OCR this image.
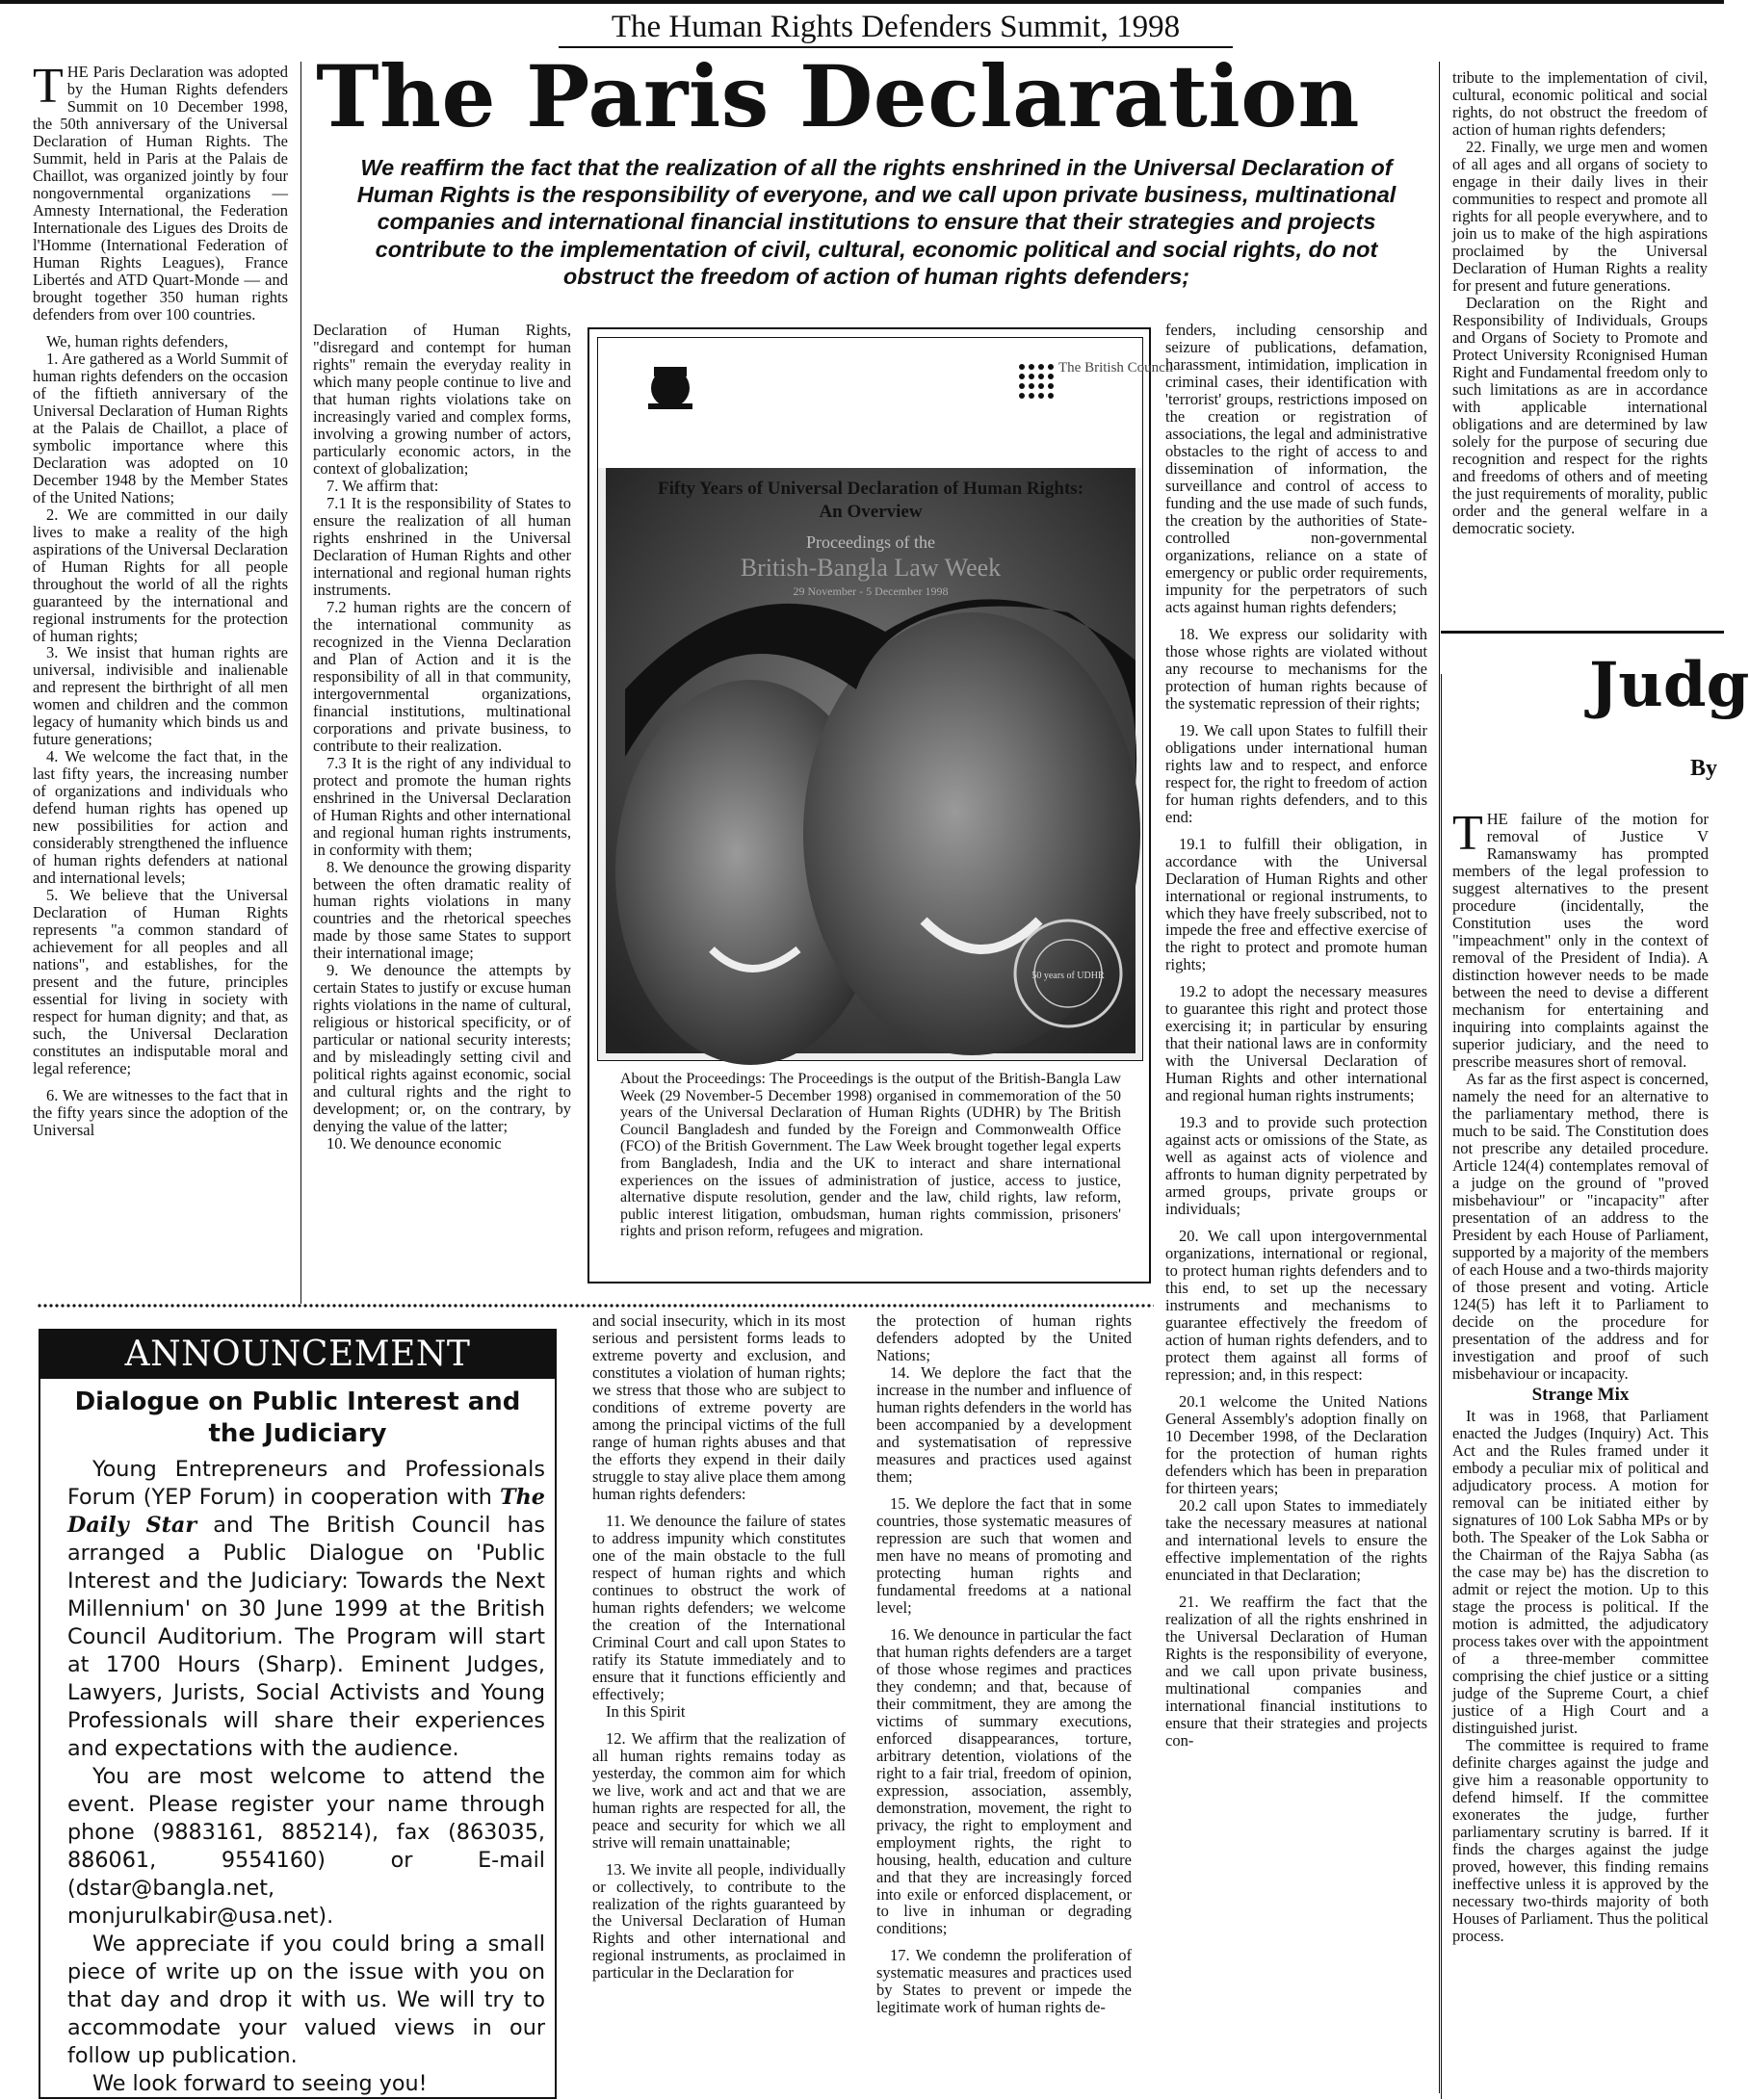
The Human Rights Defenders Summit, 1998
The Paris Declaration
We reaffirm the fact that the realization of all the rights enshrined in the Universal Declaration of Human Rights is the responsibility of everyone, and we call upon private business, multinational companies and international financial institutions to ensure that their strategies and projects contribute to the implementation of civil, cultural, economic political and social rights, do not obstruct the freedom of action of human rights defenders;

THE Paris Declaration was adopted by the Human Rights defenders Summit on 10 December 1998, the 50th anniversary of the Universal Declaration of Human Rights. The Summit, held in Paris at the Palais de Chaillot, was organized jointly by four nongovernmental organizations — Amnesty International, the Federation Internationale des Ligues des Droits de l'Homme (International Federation of Human Rights Leagues), France Libertés and ATD Quart-Monde — and brought together 350 human rights defenders from over 100 countries.

We, human rights defenders,

1. Are gathered as a World Summit of human rights defenders on the occasion of the fiftieth anniversary of the Universal Declaration of Human Rights at the Palais de Chaillot, a place of symbolic importance where this Declaration was adopted on 10 December 1948 by the Member States of the United Nations;

2. We are committed in our daily lives to make a reality of the high aspirations of the Universal Declaration of Human Rights for all people throughout the world of all the rights guaranteed by the international and regional instruments for the protection of human rights;

3. We insist that human rights are universal, indivisible and inalienable and represent the birthright of all men women and children and the common legacy of humanity which binds us and future generations;

4. We welcome the fact that, in the last fifty years, the increasing number of organizations and individuals who defend human rights has opened up new possibilities for action and considerably strengthened the influence of human rights defenders at national and international levels;

5. We believe that the Universal Declaration of Human Rights represents "a common standard of achievement for all peoples and all nations", and establishes, for the present and the future, principles essential for living in society with respect for human dignity; and that, as such, the Universal Declaration constitutes an indisputable moral and legal reference;

6. We are witnesses to the fact that in the fifty years since the adoption of the Universal

Declaration of Human Rights, "disregard and contempt for human rights" remain the everyday reality in which many people continue to live and that human rights violations take on increasingly varied and complex forms, involving a growing number of actors, particularly economic actors, in the context of globalization;

7. We affirm that:

7.1 It is the responsibility of States to ensure the realization of all human rights enshrined in the Universal Declaration of Human Rights and other international and regional human rights instruments.

7.2 human rights are the concern of the international community as recognized in the Vienna Declaration and Plan of Action and it is the responsibility of all in that community, intergovernmental organizations, financial institutions, multinational corporations and private business, to contribute to their realization.

7.3 It is the right of any individual to protect and promote the human rights enshrined in the Universal Declaration of Human Rights and other international and regional human rights instruments, in conformity with them;

8. We denounce the growing disparity between the often dramatic reality of human rights violations in many countries and the rhetorical speeches made by those same States to support their international image;

9. We denounce the attempts by certain States to justify or excuse human rights violations in the name of cultural, religious or historical specificity, or of particular or national security interests; and by misleadingly setting civil and political rights against economic, social and cultural rights and the right to development; or, on the contrary, by denying the value of the latter;

10. We denounce economic

The British Council
50 years of UDHR
Fifty Years of Universal Declaration of Human Rights:
An Overview
Proceedings of the
British-Bangla Law Week
29 November - 5 December 1998
About the Proceedings: The Proceedings is the output of the British-Bangla Law Week (29 November-5 December 1998) organised in commemoration of the 50 years of the Universal Declaration of Human Rights (UDHR) by The British Council Bangladesh and funded by the Foreign and Commonwealth Office (FCO) of the British Government. The Law Week brought together legal experts from Bangladesh, India and the UK to interact and share international experiences on the issues of administration of justice, access to justice, alternative dispute resolution, gender and the law, child rights, law reform, public interest litigation, ombudsman, human rights commission, prisoners' rights and prison reform, refugees and migration.

fenders, including censorship and seizure of publications, defamation, harassment, intimidation, implication in criminal cases, their identification with 'terrorist' groups, restrictions imposed on the creation or registration of associations, the legal and administrative obstacles to the right of access to and dissemination of information, the surveillance and control of access to funding and the use made of such funds, the creation by the authorities of State-controlled non-governmental organizations, reliance on a state of emergency or public order requirements, impunity for the perpetrators of such acts against human rights defenders;

18. We express our solidarity with those whose rights are violated without any recourse to mechanisms for the protection of human rights because of the systematic repression of their rights;

19. We call upon States to fulfill their obligations under international human rights law and to respect, and enforce respect for, the right to freedom of action for human rights defenders, and to this end:

19.1 to fulfill their obligation, in accordance with the Universal Declaration of Human Rights and other international or regional instruments, to which they have freely subscribed, not to impede the free and effective exercise of the right to protect and promote human rights;

19.2 to adopt the necessary measures to guarantee this right and protect those exercising it; in particular by ensuring that their national laws are in conformity with the Universal Declaration of Human Rights and other international and regional human rights instruments;

19.3 and to provide such protection against acts or omissions of the State, as well as against acts of violence and affronts to human dignity perpetrated by armed groups, private groups or individuals;

20. We call upon intergovernmental organizations, international or regional, to protect human rights defenders and to this end, to set up the necessary instruments and mechanisms to guarantee effectively the freedom of action of human rights defenders, and to protect them against all forms of repression; and, in this respect:

20.1 welcome the United Nations General Assembly's adoption finally on 10 December 1998, of the Declaration for the protection of human rights defenders which has been in preparation for thirteen years;

20.2 call upon States to immediately take the necessary measures at national and international levels to ensure the effective implementation of the rights enunciated in that Declaration;

21. We reaffirm the fact that the realization of all the rights enshrined in the Universal Declaration of Human Rights is the responsibility of everyone, and we call upon private business, multinational companies and international financial institutions to ensure that their strategies and projects con-

tribute to the implementation of civil, cultural, economic political and social rights, do not obstruct the freedom of action of human rights defenders;

22. Finally, we urge men and women of all ages and all organs of society to engage in their daily lives in their communities to respect and promote all rights for all people everywhere, and to join us to make of the high aspirations proclaimed by the Universal Declaration of Human Rights a reality for present and future generations.

Declaration on the Right and Responsibility of Individuals, Groups and Organs of Society to Promote and Protect University Rconignised Human Right and Fundamental freedom only to such limitations as are in accordance with applicable international obligations and are determined by law solely for the purpose of securing due recognition and respect for the rights and freedoms of others and of meeting the just requirements of morality, public order and the general welfare in a democratic society.

and social insecurity, which in its most serious and persistent forms leads to extreme poverty and exclusion, and constitutes a violation of human rights; we stress that those who are subject to conditions of extreme poverty are among the principal victims of the full range of human rights abuses and that the efforts they expend in their daily struggle to stay alive place them among human rights defenders:

11. We denounce the failure of states to address impunity which constitutes one of the main obstacle to the full respect of human rights and which continues to obstruct the work of human rights defenders; we welcome the creation of the International Criminal Court and call upon States to ratify its Statute immediately and to ensure that it functions efficiently and effectively;

In this Spirit

12. We affirm that the realization of all human rights remains today as yesterday, the common aim for which we live, work and act and that we are human rights are respected for all, the peace and security for which we all strive will remain unattainable;

13. We invite all people, individually or collectively, to contribute to the realization of the rights guaranteed by the Universal Declaration of Human Rights and other international and regional instruments, as proclaimed in particular in the Declaration for

the protection of human rights defenders adopted by the United Nations;

14. We deplore the fact that the increase in the number and influence of human rights defenders in the world has been accompanied by a development and systematisation of repressive measures and practices used against them;

15. We deplore the fact that in some countries, those systematic measures of repression are such that women and men have no means of promoting and protecting human rights and fundamental freedoms at a national level;

16. We denounce in particular the fact that human rights defenders are a target of those whose regimes and practices they condemn; and that, because of their commitment, they are among the victims of summary executions, enforced disappearances, torture, arbitrary detention, violations of the right to a fair trial, freedom of opinion, expression, association, assembly, demonstration, movement, the right to privacy, the right to employment and employment rights, the right to housing, health, education and culture and that they are increasingly forced into exile or enforced displacement, or to live in inhuman or degrading conditions;

17. We condemn the proliferation of systematic measures and practices used by States to prevent or impede the legitimate work of human rights de-

ANNOUNCEMENT
Dialogue on Public Interest and the Judiciary

Young Entrepreneurs and Professionals Forum (YEP Forum) in cooperation with The Daily Star and The British Council has arranged a Public Dialogue on 'Public Interest and the Judiciary: Towards the Next Millennium' on 30 June 1999 at the British Council Auditorium. The Program will start at 1700 Hours (Sharp). Eminent Judges, Lawyers, Jurists, Social Activists and Young Professionals will share their experiences and expectations with the audience.

You are most welcome to attend the event. Please register your name through phone (9883161, 885214), fax (863035, 886061, 9554160) or E-mail (dstar@bangla.net, monjurulkabir@usa.net).

We appreciate if you could bring a small piece of write up on the issue with you on that day and drop it with us. We will try to accommodate your valued views in our follow up publication.

We look forward to seeing you!

Judg
By

THE failure of the motion for removal of Justice V Ramanswamy has prompted members of the legal profession to suggest alternatives to the present procedure (incidentally, the Constitution uses the word "impeachment" only in the context of removal of the President of India). A distinction however needs to be made between the need to devise a different mechanism for entertaining and inquiring into complaints against the superior judiciary, and the need to prescribe measures short of removal.

As far as the first aspect is concerned, namely the need for an alternative to the parliamentary method, there is much to be said. The Constitution does not prescribe any detailed procedure. Article 124(4) contemplates removal of a judge on the ground of "proved misbehaviour" or "incapacity" after presentation of an address to the President by each House of Parliament, supported by a majority of the members of each House and a two-thirds majority of those present and voting. Article 124(5) has left it to Parliament to decide on the procedure for presentation of the address and for investigation and proof of such misbehaviour or incapacity.

Strange Mix

It was in 1968, that Parliament enacted the Judges (Inquiry) Act. This Act and the Rules framed under it embody a peculiar mix of political and adjudicatory process. A motion for removal can be initiated either by signatures of 100 Lok Sabha MPs or by both. The Speaker of the Lok Sabha or the Chairman of the Rajya Sabha (as the case may be) has the discretion to admit or reject the motion. Up to this stage the process is political. If the motion is admitted, the adjudicatory process takes over with the appointment of a three-member committee comprising the chief justice or a sitting judge of the Supreme Court, a chief justice of a High Court and a distinguished jurist.

The committee is required to frame definite charges against the judge and give him a reasonable opportunity to defend himself. If the committee exonerates the judge, further parliamentary scrutiny is barred. If it finds the charges against the judge proved, however, this finding remains ineffective unless it is approved by the necessary two-thirds majority of both Houses of Parliament. Thus the political process.
